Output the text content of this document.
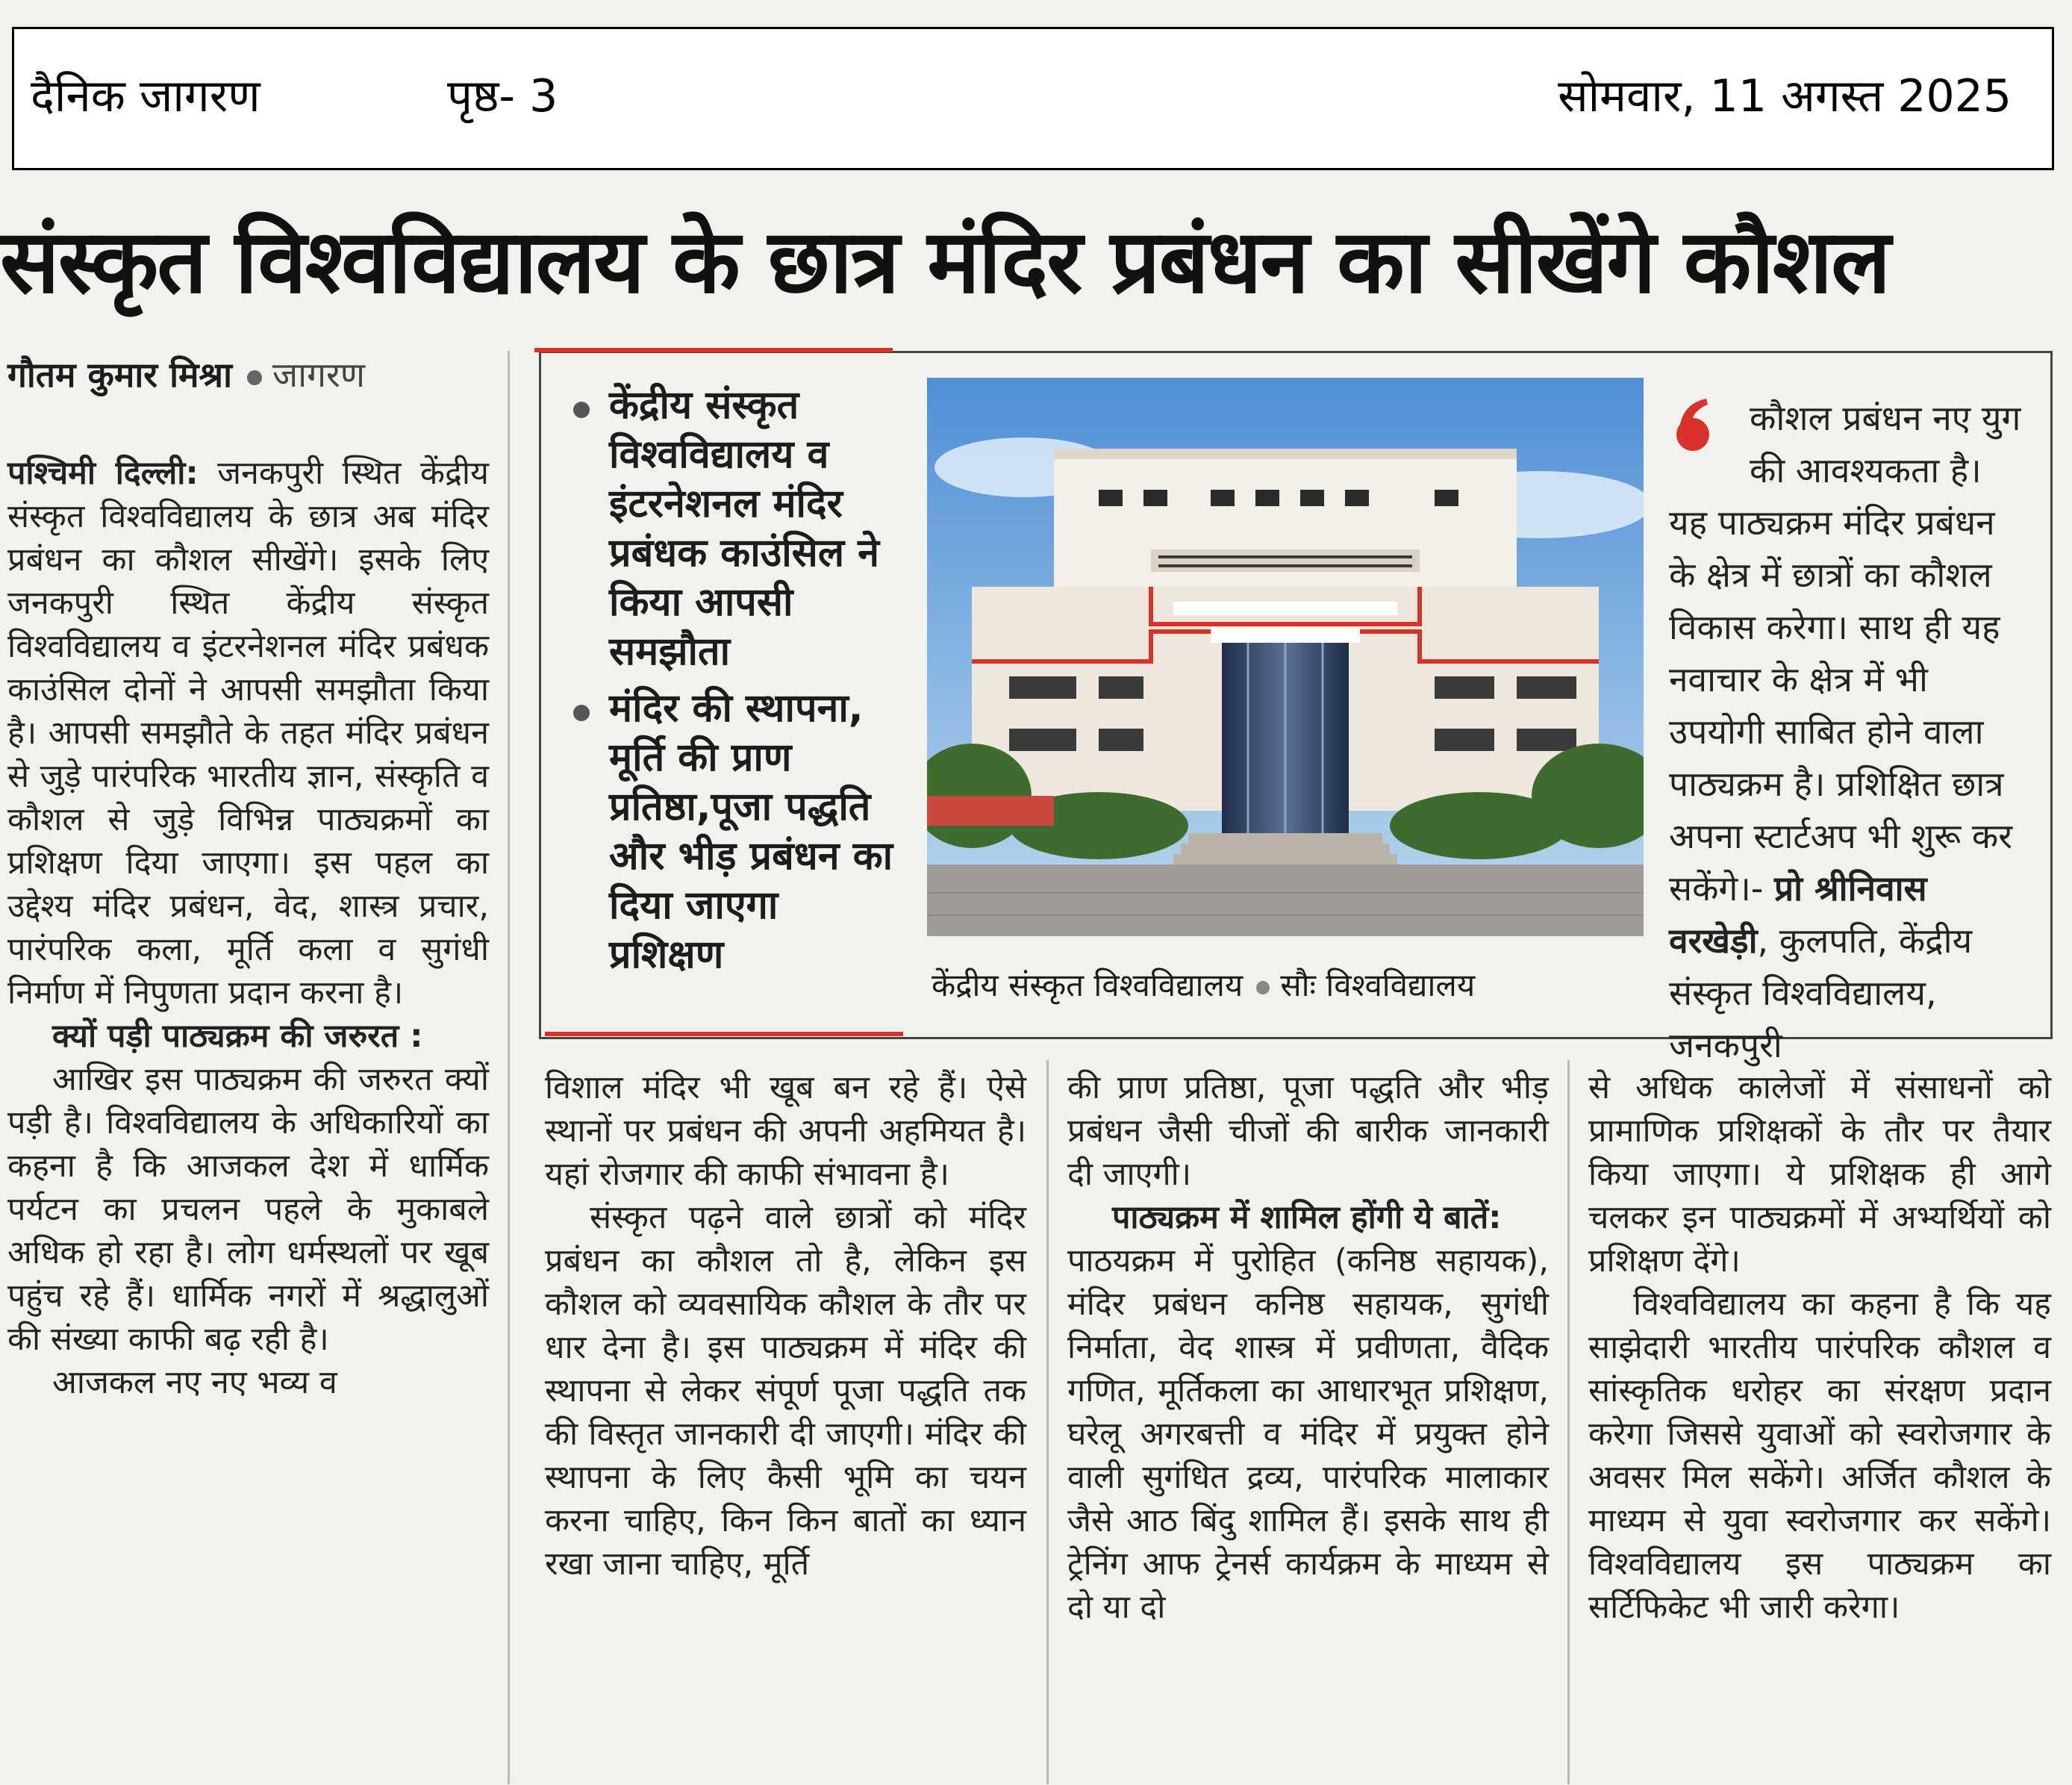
दैनिक जागरण	पृष्ठ- 3	सोमवार, 11 अगस्त 2025
संस्कृत विश्वविद्यालय के छात्र मंदिर प्रबंधन का सीखेंगे कौशल
गौतम कुमार मिश्रा जागरण

पश्चिमी दिल्ली: जनकपुरी स्थित केंद्रीय संस्कृत विश्वविद्यालय के छात्र अब मंदिर प्रबंधन का कौशल सीखेंगे। इसके लिए जनकपुरी स्थित केंद्रीय संस्कृत विश्वविद्यालय व इंटरनेशनल मंदिर प्रबंधक काउंसिल दोनों ने आपसी समझौता किया है। आपसी समझौते के तहत मंदिर प्रबंधन से जुड़े पारंपरिक भारतीय ज्ञान, संस्कृति व कौशल से जुड़े विभिन्न पाठ्यक्रमों का प्रशिक्षण दिया जाएगा। इस पहल का उद्देश्य मंदिर प्रबंधन, वेद, शास्त्र प्रचार, पारंपरिक कला, मूर्ति कला व सुगंधी निर्माण में निपुणता प्रदान करना है।

क्यों पड़ी पाठ्यक्रम की जरुरत :

आखिर इस पाठ्यक्रम की जरुरत क्यों पड़ी है। विश्वविद्यालय के अधिकारियों का कहना है कि आजकल देश में धार्मिक पर्यटन का प्रचलन पहले के मुकाबले अधिक हो रहा है। लोग धर्मस्थलों पर खूब पहुंच रहे हैं। धार्मिक नगरों में श्रद्धालुओं की संख्या काफी बढ़ रही है।

आजकल नए नए भव्य व

केंद्रीय संस्कृत विश्वविद्यालय व इंटरनेशनल मंदिर प्रबंधक काउंसिल ने किया आपसी समझौता
मंदिर की स्थापना, मूर्ति की प्राण प्रतिष्ठा,पूजा पद्धति और भीड़ प्रबंधन का दिया जाएगा प्रशिक्षण
केंद्रीय संस्कृत विश्वविद्यालय सौः विश्वविद्यालय
कौशल प्रबंधन नए युग की आवश्यकता है।
यह पाठ्यक्रम मंदिर प्रबंधन के क्षेत्र में छात्रों का कौशल विकास करेगा। साथ ही यह नवाचार के क्षेत्र में भी उपयोगी साबित होने वाला पाठ्यक्रम है। प्रशिक्षित छात्र अपना स्टार्टअप भी शुरू कर सकेंगे।- प्रो श्रीनिवास वरखेड़ी, कुलपति, केंद्रीय संस्कृत विश्वविद्यालय, जनकपुरी

विशाल मंदिर भी खूब बन रहे हैं। ऐसे स्थानों पर प्रबंधन की अपनी अहमियत है। यहां रोजगार की काफी संभावना है।

संस्कृत पढ़ने वाले छात्रों को मंदिर प्रबंधन का कौशल तो है, लेकिन इस कौशल को व्यवसायिक कौशल के तौर पर धार देना है। इस पाठ्यक्रम में मंदिर की स्थापना से लेकर संपूर्ण पूजा पद्धति तक की विस्तृत जानकारी दी जाएगी। मंदिर की स्थापना के लिए कैसी भूमि का चयन करना चाहिए, किन किन बातों का ध्यान रखा जाना चाहिए, मूर्ति

की प्राण प्रतिष्ठा, पूजा पद्धति और भीड़ प्रबंधन जैसी चीजों की बारीक जानकारी दी जाएगी।

पाठ्यक्रम में शामिल होंगी ये बातें:

पाठयक्रम में पुरोहित (कनिष्ठ सहायक), मंदिर प्रबंधन कनिष्ठ सहायक, सुगंधी निर्माता, वेद शास्त्र में प्रवीणता, वैदिक गणित, मूर्तिकला का आधारभूत प्रशिक्षण, घरेलू अगरबत्ती व मंदिर में प्रयुक्त होने वाली सुगंधित द्रव्य, पारंपरिक मालाकार जैसे आठ बिंदु शामिल हैं। इसके साथ ही ट्रेनिंग आफ ट्रेनर्स कार्यक्रम के माध्यम से दो या दो

से अधिक कालेजों में संसाधनों को प्रामाणिक प्रशिक्षकों के तौर पर तैयार किया जाएगा। ये प्रशिक्षक ही आगे चलकर इन पाठ्यक्रमों में अभ्यर्थियों को प्रशिक्षण देंगे।

विश्वविद्यालय का कहना है कि यह साझेदारी भारतीय पारंपरिक कौशल व सांस्कृतिक धरोहर का संरक्षण प्रदान करेगा जिससे युवाओं को स्वरोजगार के अवसर मिल सकेंगे। अर्जित कौशल के माध्यम से युवा स्वरोजगार कर सकेंगे। विश्वविद्यालय इस पाठ्यक्रम का सर्टिफिकेट भी जारी करेगा।
